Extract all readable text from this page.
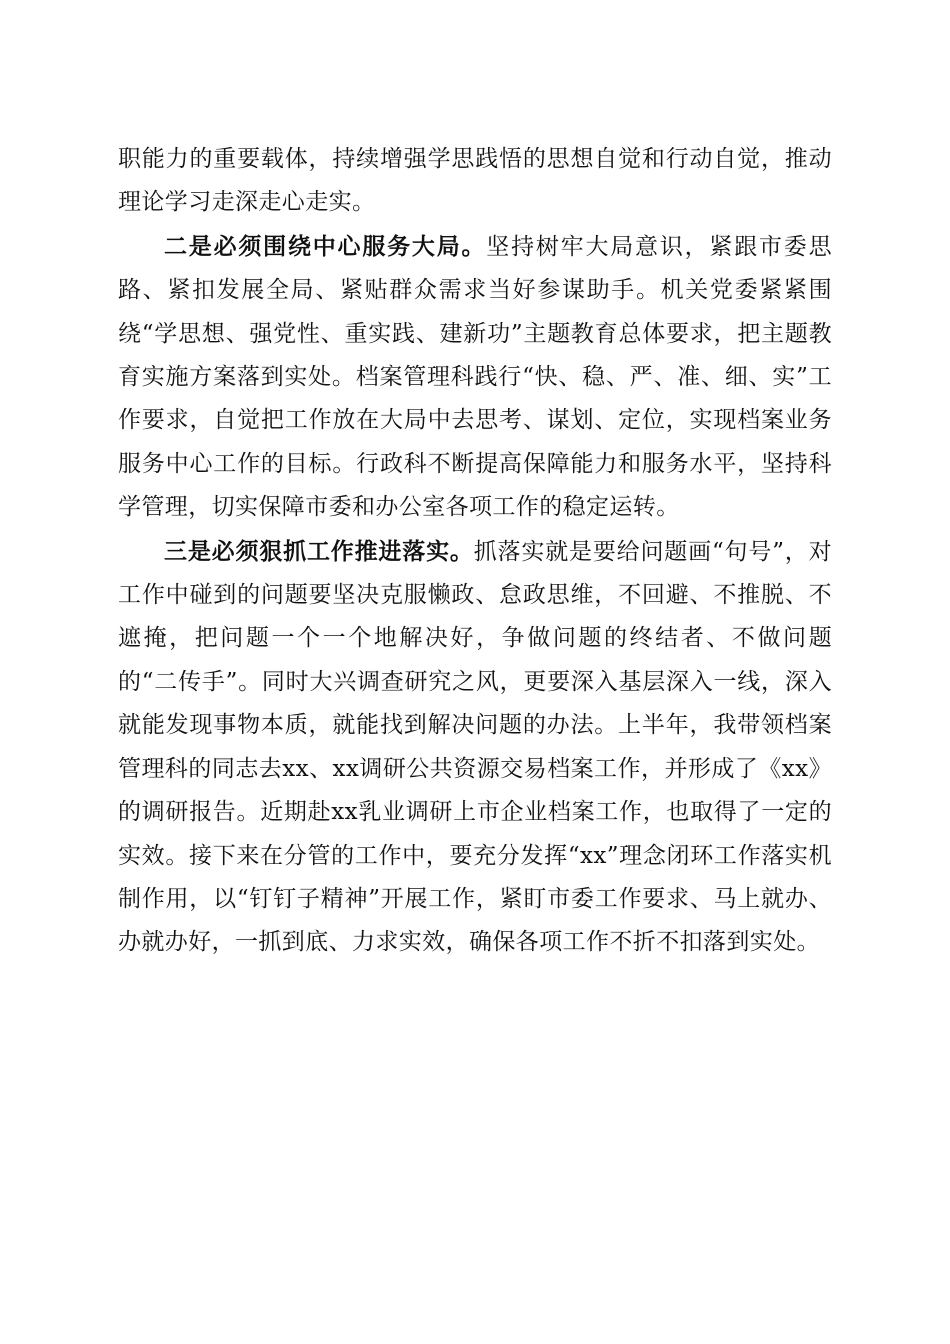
职能力的重要载体，持续增强学思践悟的思想自觉和行动自觉，推动理论学习走深走心走实。

二是必须围绕中心服务大局。坚持树牢大局意识，紧跟市委思路、紧扣发展全局、紧贴群众需求当好参谋助手。机关党委紧紧围绕“学思想、强党性、重实践、建新功”主题教育总体要求，把主题教育实施方案落到实处。档案管理科践行“快、稳、严、准、细、实”工作要求，自觉把工作放在大局中去思考、谋划、定位，实现档案业务服务中心工作的目标。行政科不断提高保障能力和服务水平，坚持科学管理，切实保障市委和办公室各项工作的稳定运转。

三是必须狠抓工作推进落实。抓落实就是要给问题画“句号”，对工作中碰到的问题要坚决克服懒政、怠政思维，不回避、不推脱、不遮掩，把问题一个一个地解决好，争做问题的终结者、不做问题的“二传手”。同时大兴调查研究之风，更要深入基层深入一线，深入就能发现事物本质，就能找到解决问题的办法。上半年，我带领档案管理科的同志去xx、xx调研公共资源交易档案工作，并形成了《xx》的调研报告。近期赴xx乳业调研上市企业档案工作，也取得了一定的实效。接下来在分管的工作中，要充分发挥“xx”理念闭环工作落实机制作用，以“钉钉子精神”开展工作，紧盯市委工作要求、马上就办、办就办好，一抓到底、力求实效，确保各项工作不折不扣落到实处。
